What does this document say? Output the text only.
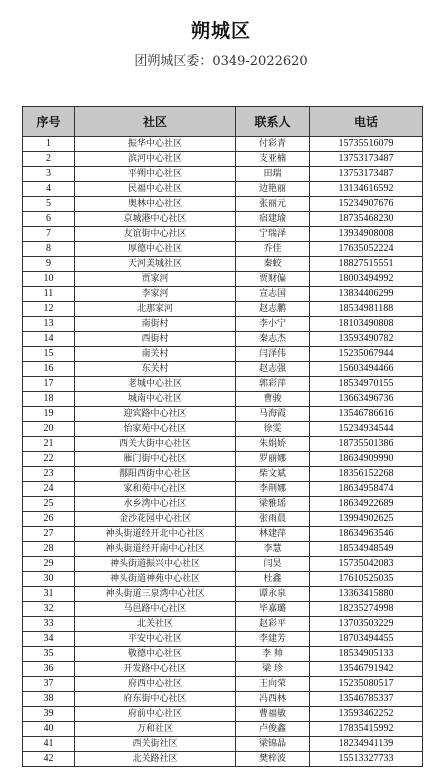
朔城区
团朔城区委：0349-2022620
序号	社区	联系人	电话
1	振华中心社区	付彩青	15735516079
2	滨河中心社区	支亚楠	13753173487
3	平朔中心社区	田瑞	13753173487
4	民福中心社区	边艳丽	13134616592
5	奥林中心社区	张丽元	15234907676
6	京城港中心社区	宿建瑜	18735468230
7	友谊街中心社区	宁瑞泽	13934908008
8	厚德中心社区	乔佳	17635052224
9	天河美城社区	秦蛟	18827515551
10	贾家河	贾财偏	18003494992
11	李家河	宣志国	13834406299
12	北那家河	赵志鹏	18534981188
13	南街村	李小宁	18103490808
14	西街村	秦志杰	13593490782
15	南关村	闫泽伟	15235067944
16	东关村	赵志强	15603494466
17	老城中心社区	郭彩萍	18534970155
18	城南中心社区	曹骏	13663496736
19	迎宾路中心社区	马海霞	13546786616
20	怡家苑中心社区	徐雯	15234934544
21	西关大街中心社区	朱娟娇	18735501386
22	雁门街中心社区	罗丽娜	18634909990
23	鄯阳西街中心社区	柴文斌	18356152268
24	家和苑中心社区	李荆娜	18634958474
25	水乡湾中心社区	梁雅瑶	18634922689
26	金沙花园中心社区	张雨晨	13994902625
27	神头街道经开北中心社区	林建萍	18634963546
28	神头街道经开南中心社区	李慧	18534948549
29	神头街道振兴中心社区	闫昊	15735042083
30	神头街道神苑中心社区	杜鑫	17610525035
31	神头街道三泉湾中心社区	谭永泉	13363415880
32	马邑路中心社区	毕嘉璐	18235274998
33	北关社区	赵彩平	13703503229
34	平安中心社区	李建芳	18703494455
35	敬德中心社区	李 帅	18534905133
36	开发路中心社区	梁 珍	13546791942
37	府西中心社区	王向荣	15235080517
38	府东街中心社区	冯西林	13546785337
39	府前中心社区	曹福敏	13593462252
40	万和社区	卢俊鑫	17835415992
41	西关街社区	梁锦晶	18234941139
42	北关路社区	樊梓波	15513327733
